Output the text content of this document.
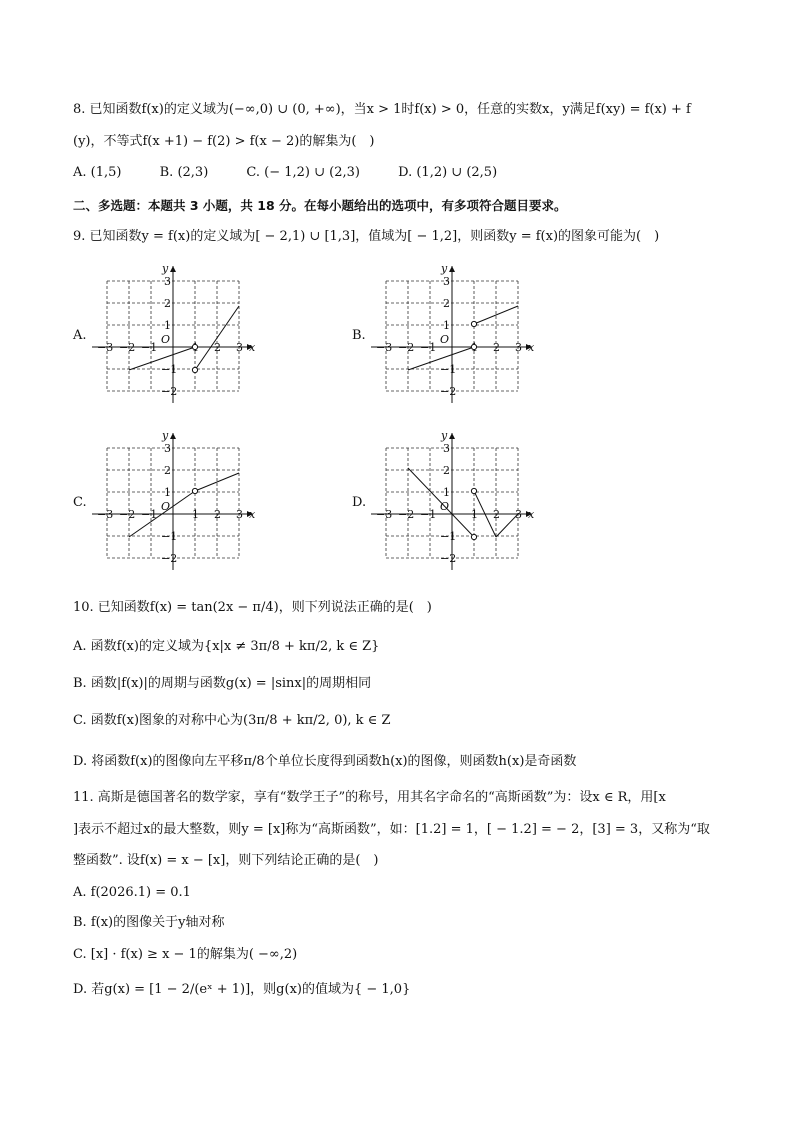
8. 已知函数f(x)的定义域为(−∞,0) ∪ (0, +∞)，当x > 1时f(x) > 0，任意的实数x，y满足f(xy) = f(x) + f
(y)，不等式f(x +1) − f(2) > f(x − 2)的解集为(　)
A. (1,5)	B. (2,3)	C. (− 1,2) ∪ (2,3)	D. (1,2) ∪ (2,5)
二、多选题：本题共 3 小题，共 18 分。在每小题给出的选项中，有多项符合题目要求。
9. 已知函数y = f(x)的定义域为[ − 2,1) ∪ [1,3]，值域为[ − 1,2]，则函数y = f(x)的图象可能为(　)
A.
y
x
O
−3 −2 −1	2 3
3
2
1
−1
−2
B.
y
x
O
−3 −2 −1	2 3
3
2
1
−1
−2
C.
y
x
O
−3 −2 −1	1 2 3
3
2
1
−1
−2
D.
y
x
O
−3 −2 −1	1 2 3
3
2
1
−1
−2
10. 已知函数f(x) = tan(2x − π/4)，则下列说法正确的是(　)
A. 函数f(x)的定义域为{x|x ≠ 3π/8 + kπ/2, k ∈ Z}
B. 函数|f(x)|的周期与函数g(x) = |sinx|的周期相同
C. 函数f(x)图象的对称中心为(3π/8 + kπ/2, 0), k ∈ Z
D. 将函数f(x)的图像向左平移π/8个单位长度得到函数h(x)的图像，则函数h(x)是奇函数
11. 高斯是德国著名的数学家，享有“数学王子”的称号，用其名字命名的“高斯函数”为：设x ∈ R，用[x
]表示不超过x的最大整数，则y = [x]称为“高斯函数”，如：[1.2] = 1，[ − 1.2] = − 2，[3] = 3，又称为“取
整函数”. 设f(x) = x − [x]，则下列结论正确的是(　)
A. f(2026.1) = 0.1
B. f(x)的图像关于y轴对称
C. [x] · f(x) ≥ x − 1的解集为( −∞,2)
D. 若g(x) = [1 − 2/(eˣ + 1)]，则g(x)的值域为{ − 1,0}
